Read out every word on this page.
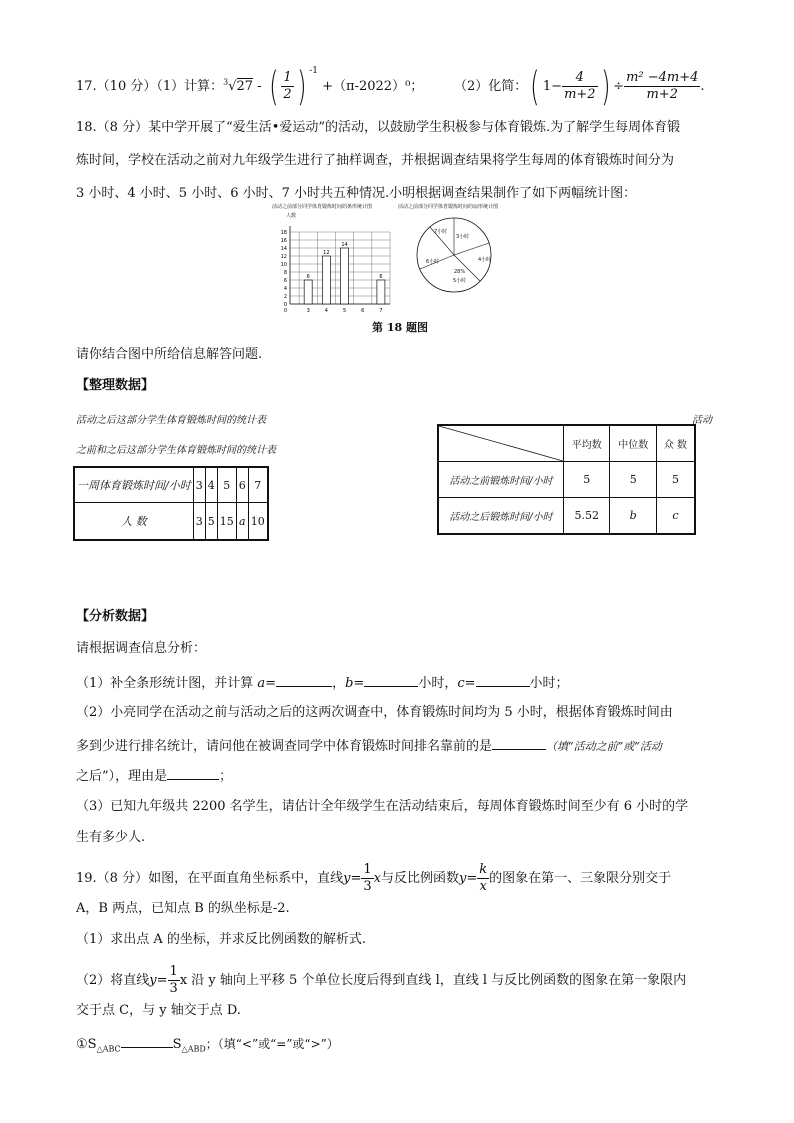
17.（10 分）（1）计算：$^3$√27 - ( $\frac{1}{2}$ ) $^{-1}$ +（π-2022）⁰； （2）化简：( $1- \frac{4}{m+2}$ ) ÷ $\frac{\text{m² −4m+4}}{m+2}$ .
18.（8 分）某中学开展了“爱生活•爱运动”的活动，以鼓励学生积极参与体育锻炼.为了解学生每周体育锻
炼时间，学校在活动之前对九年级学生进行了抽样调查，并根据调查结果将学生每周的体育锻炼时间分为
3 小时、4 小时、5 小时、6 小时、7 小时共五种情况.小明根据调查结果制作了如下两幅统计图：
活动之前部分同学体育锻炼时间的条形统计图
人数
0
2
4
6
8
10
12
14
16
18
0	3
6
4
12
5
14
6	7
6
活动之前部分同学体育锻炼时间的扇形统计图
7小时
3小时
4小时
28%
5小时
6小时
第 18 题图
请你结合图中所给信息解答问题.
【整理数据】
活动之后这部分学生体育锻炼时间的统计表	活动
之前和之后这部分学生体育锻炼时间的统计表
一周体育锻炼时间/小时	3	4	5	6	7
人 数	3	5	15	a	10
	平均数	中位数	众 数
活动之前锻炼时间/小时	5	5	5
活动之后锻炼时间/小时	5.52	b	c
【分析数据】
请根据调查信息分析：
（1）补全条形统计图，并计算 a=	，b=	小时，c=	小时；
（2）小亮同学在活动之前与活动之后的这两次调查中，体育锻炼时间均为 5 小时，根据体育锻炼时间由
多到少进行排名统计，请问他在被调查同学中体育锻炼时间排名靠前的是	（填“活动之前”或“活动
之后”），理由是	；
（3）已知九年级共 2200 名学生，请估计全年级学生在活动结束后，每周体育锻炼时间至少有 6 小时的学
生有多少人.
19.（8 分）如图，在平面直角坐标系中，直线$y= \frac{1}{3}$ x与反比例函数$y= \frac{k}{x}$ 的图象在第一、三象限分别交于
A，B 两点，已知点 B 的纵坐标是-2.
（1）求出点 A 的坐标，并求反比例函数的解析式.
（2）将直线$y= \frac{1}{3}$ x 沿 y 轴向上平移 5 个单位长度后得到直线 l，直线 l 与反比例函数的图象在第一象限内
交于点 C，与 y 轴交于点 D.
$①S_{\triangle ABC}$	$S_{\triangle ABD}$；（填“<”或“=”或“>”）
